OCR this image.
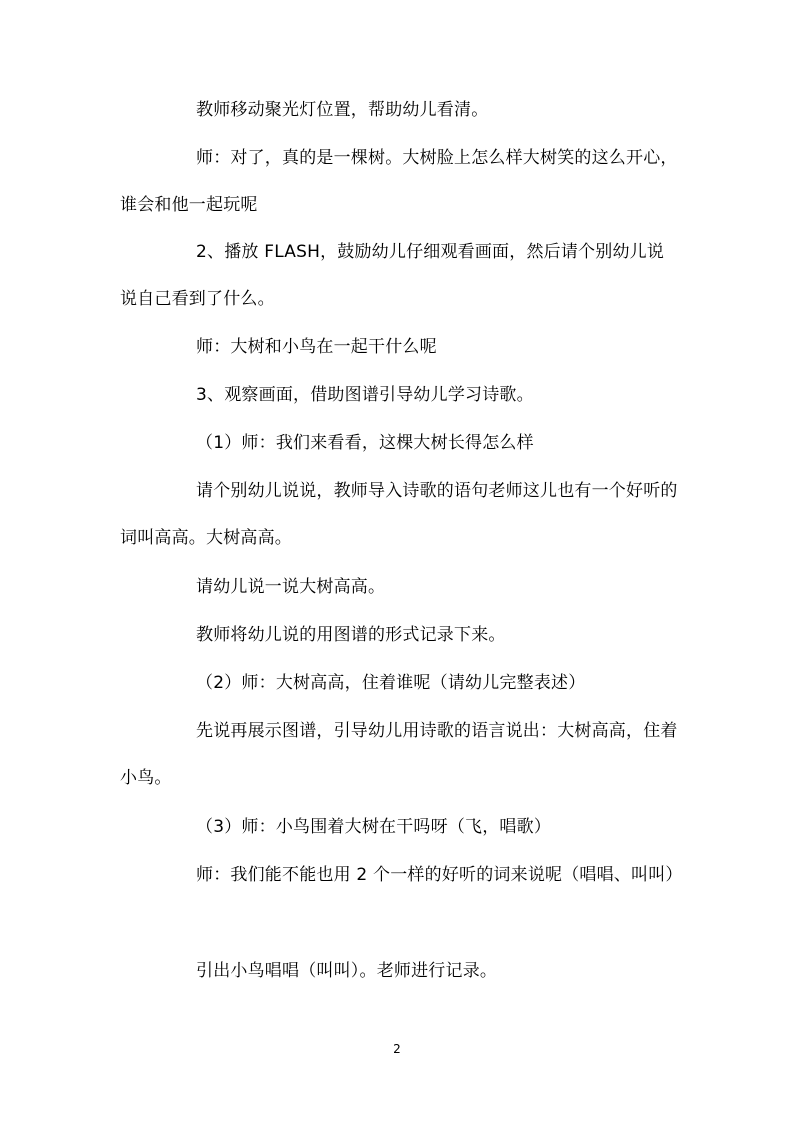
教师移动聚光灯位置，帮助幼儿看清。

师：对了，真的是一棵树。大树脸上怎么样大树笑的这么开心，谁会和他一起玩呢

2、播放 FLASH，鼓励幼儿仔细观看画面，然后请个别幼儿说说自己看到了什么。

师：大树和小鸟在一起干什么呢

3、观察画面，借助图谱引导幼儿学习诗歌。

（1）师：我们来看看，这棵大树长得怎么样

请个别幼儿说说，教师导入诗歌的语句老师这儿也有一个好听的词叫高高。大树高高。

请幼儿说一说大树高高。

教师将幼儿说的用图谱的形式记录下来。

（2）师：大树高高，住着谁呢（请幼儿完整表述）

先说再展示图谱，引导幼儿用诗歌的语言说出：大树高高，住着小鸟。

（3）师：小鸟围着大树在干吗呀（飞，唱歌）

师：我们能不能也用 2 个一样的好听的词来说呢（唱唱、叫叫）

引出小鸟唱唱（叫叫）。老师进行记录。

2
